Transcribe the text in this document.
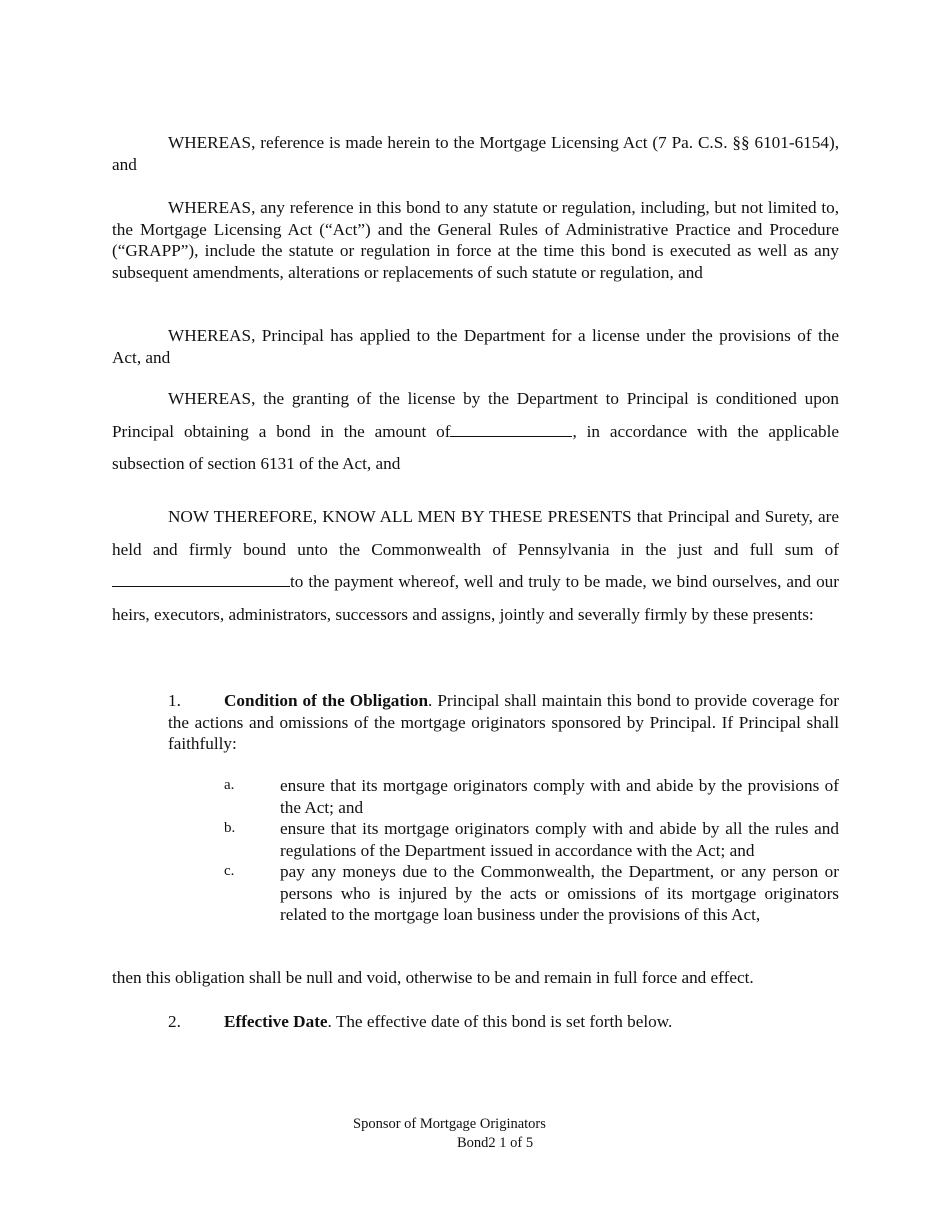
WHEREAS, reference is made herein to the Mortgage Licensing Act (7 Pa. C.S. §§ 6101-6154), and

WHEREAS, any reference in this bond to any statute or regulation, including, but not limited to, the Mortgage Licensing Act (“Act”) and the General Rules of Administrative Practice and Procedure (“GRAPP”), include the statute or regulation in force at the time this bond is executed as well as any subsequent amendments, alterations or replacements of such statute or regulation, and

WHEREAS, Principal has applied to the Department for a license under the provisions of the Act, and

WHEREAS, the granting of the license by the Department to Principal is conditioned upon Principal obtaining a bond in the amount of	, in accordance with the applicable subsection of section 6131 of the Act, and

NOW THEREFORE, KNOW ALL MEN BY THESE PRESENTS that Principal and Surety, are held and firmly bound unto the Commonwealth of Pennsylvania in the just and full sum ofto the payment whereof, well and truly to be made, we bind ourselves, and our heirs, executors, administrators, successors and assigns, jointly and severally firmly by these presents:

1.	Condition of the Obligation. Principal shall maintain this bond to provide coverage for the actions and omissions of the mortgage originators sponsored by Principal. If Principal shall faithfully:
a.	ensure that its mortgage originators comply with and abide by the provisions of the Act; and
b.	ensure that its mortgage originators comply with and abide by all the rules and regulations of the Department issued in accordance with the Act; and
c.	pay any moneys due to the Commonwealth, the Department, or any person or persons who is injured by the acts or omissions of its mortgage originators related to the mortgage loan business under the provisions of this Act,

then this obligation shall be null and void, otherwise to be and remain in full force and effect.

2.	Effective Date. The effective date of this bond is set forth below.
Sponsor of Mortgage Originators
Bond2 1 of 5
